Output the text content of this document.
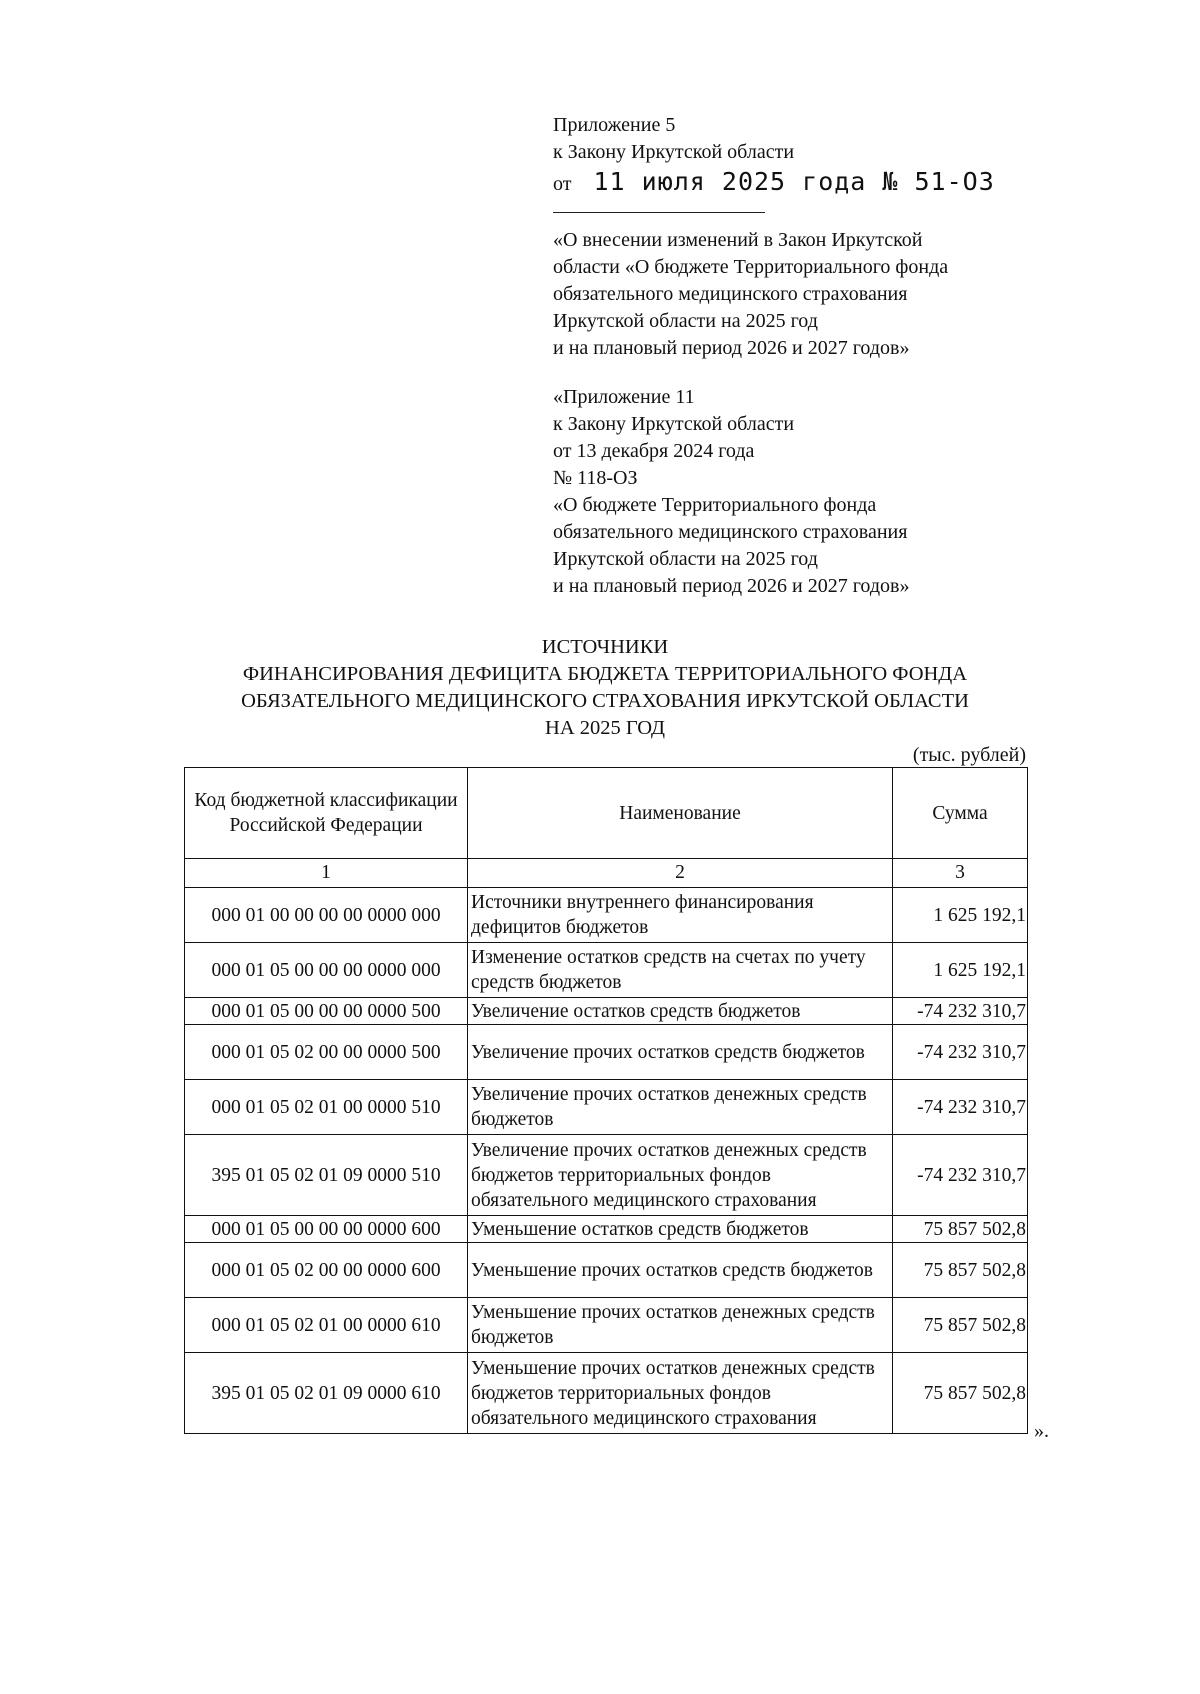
Приложение 5
к Закону Иркутской области
от 11 июля 2025 года № 51-ОЗ
«О внесении изменений в Закон Иркутской
области «О бюджете Территориального фонда
обязательного медицинского страхования
Иркутской области на 2025 год
и на плановый период 2026 и 2027 годов»
«Приложение 11
к Закону Иркутской области
от 13 декабря 2024 года
№ 118-ОЗ
«О бюджете Территориального фонда
обязательного медицинского страхования
Иркутской области на 2025 год
и на плановый период 2026 и 2027 годов»
ИСТОЧНИКИ
ФИНАНСИРОВАНИЯ ДЕФИЦИТА БЮДЖЕТА ТЕРРИТОРИАЛЬНОГО ФОНДА
ОБЯЗАТЕЛЬНОГО МЕДИЦИНСКОГО СТРАХОВАНИЯ ИРКУТСКОЙ ОБЛАСТИ
НА 2025 ГОД
(тыс. рублей)
Код бюджетной классификации Российской Федерации	Наименование	Сумма
1	2	3
000 01 00 00 00 00 0000 000	Источники внутреннего финансирования дефицитов бюджетов	1 625 192,1
000 01 05 00 00 00 0000 000	Изменение остатков средств на счетах по учету средств бюджетов	1 625 192,1
000 01 05 00 00 00 0000 500	Увеличение остатков средств бюджетов	-74 232 310,7
000 01 05 02 00 00 0000 500	Увеличение прочих остатков средств бюджетов	-74 232 310,7
000 01 05 02 01 00 0000 510	Увеличение прочих остатков денежных средств бюджетов	-74 232 310,7
395 01 05 02 01 09 0000 510	Увеличение прочих остатков денежных средств бюджетов территориальных фондов обязательного медицинского страхования	-74 232 310,7
000 01 05 00 00 00 0000 600	Уменьшение остатков средств бюджетов	75 857 502,8
000 01 05 02 00 00 0000 600	Уменьшение прочих остатков средств бюджетов	75 857 502,8
000 01 05 02 01 00 0000 610	Уменьшение прочих остатков денежных средств бюджетов	75 857 502,8
395 01 05 02 01 09 0000 610	Уменьшение прочих остатков денежных средств бюджетов территориальных фондов обязательного медицинского страхования	75 857 502,8
».
